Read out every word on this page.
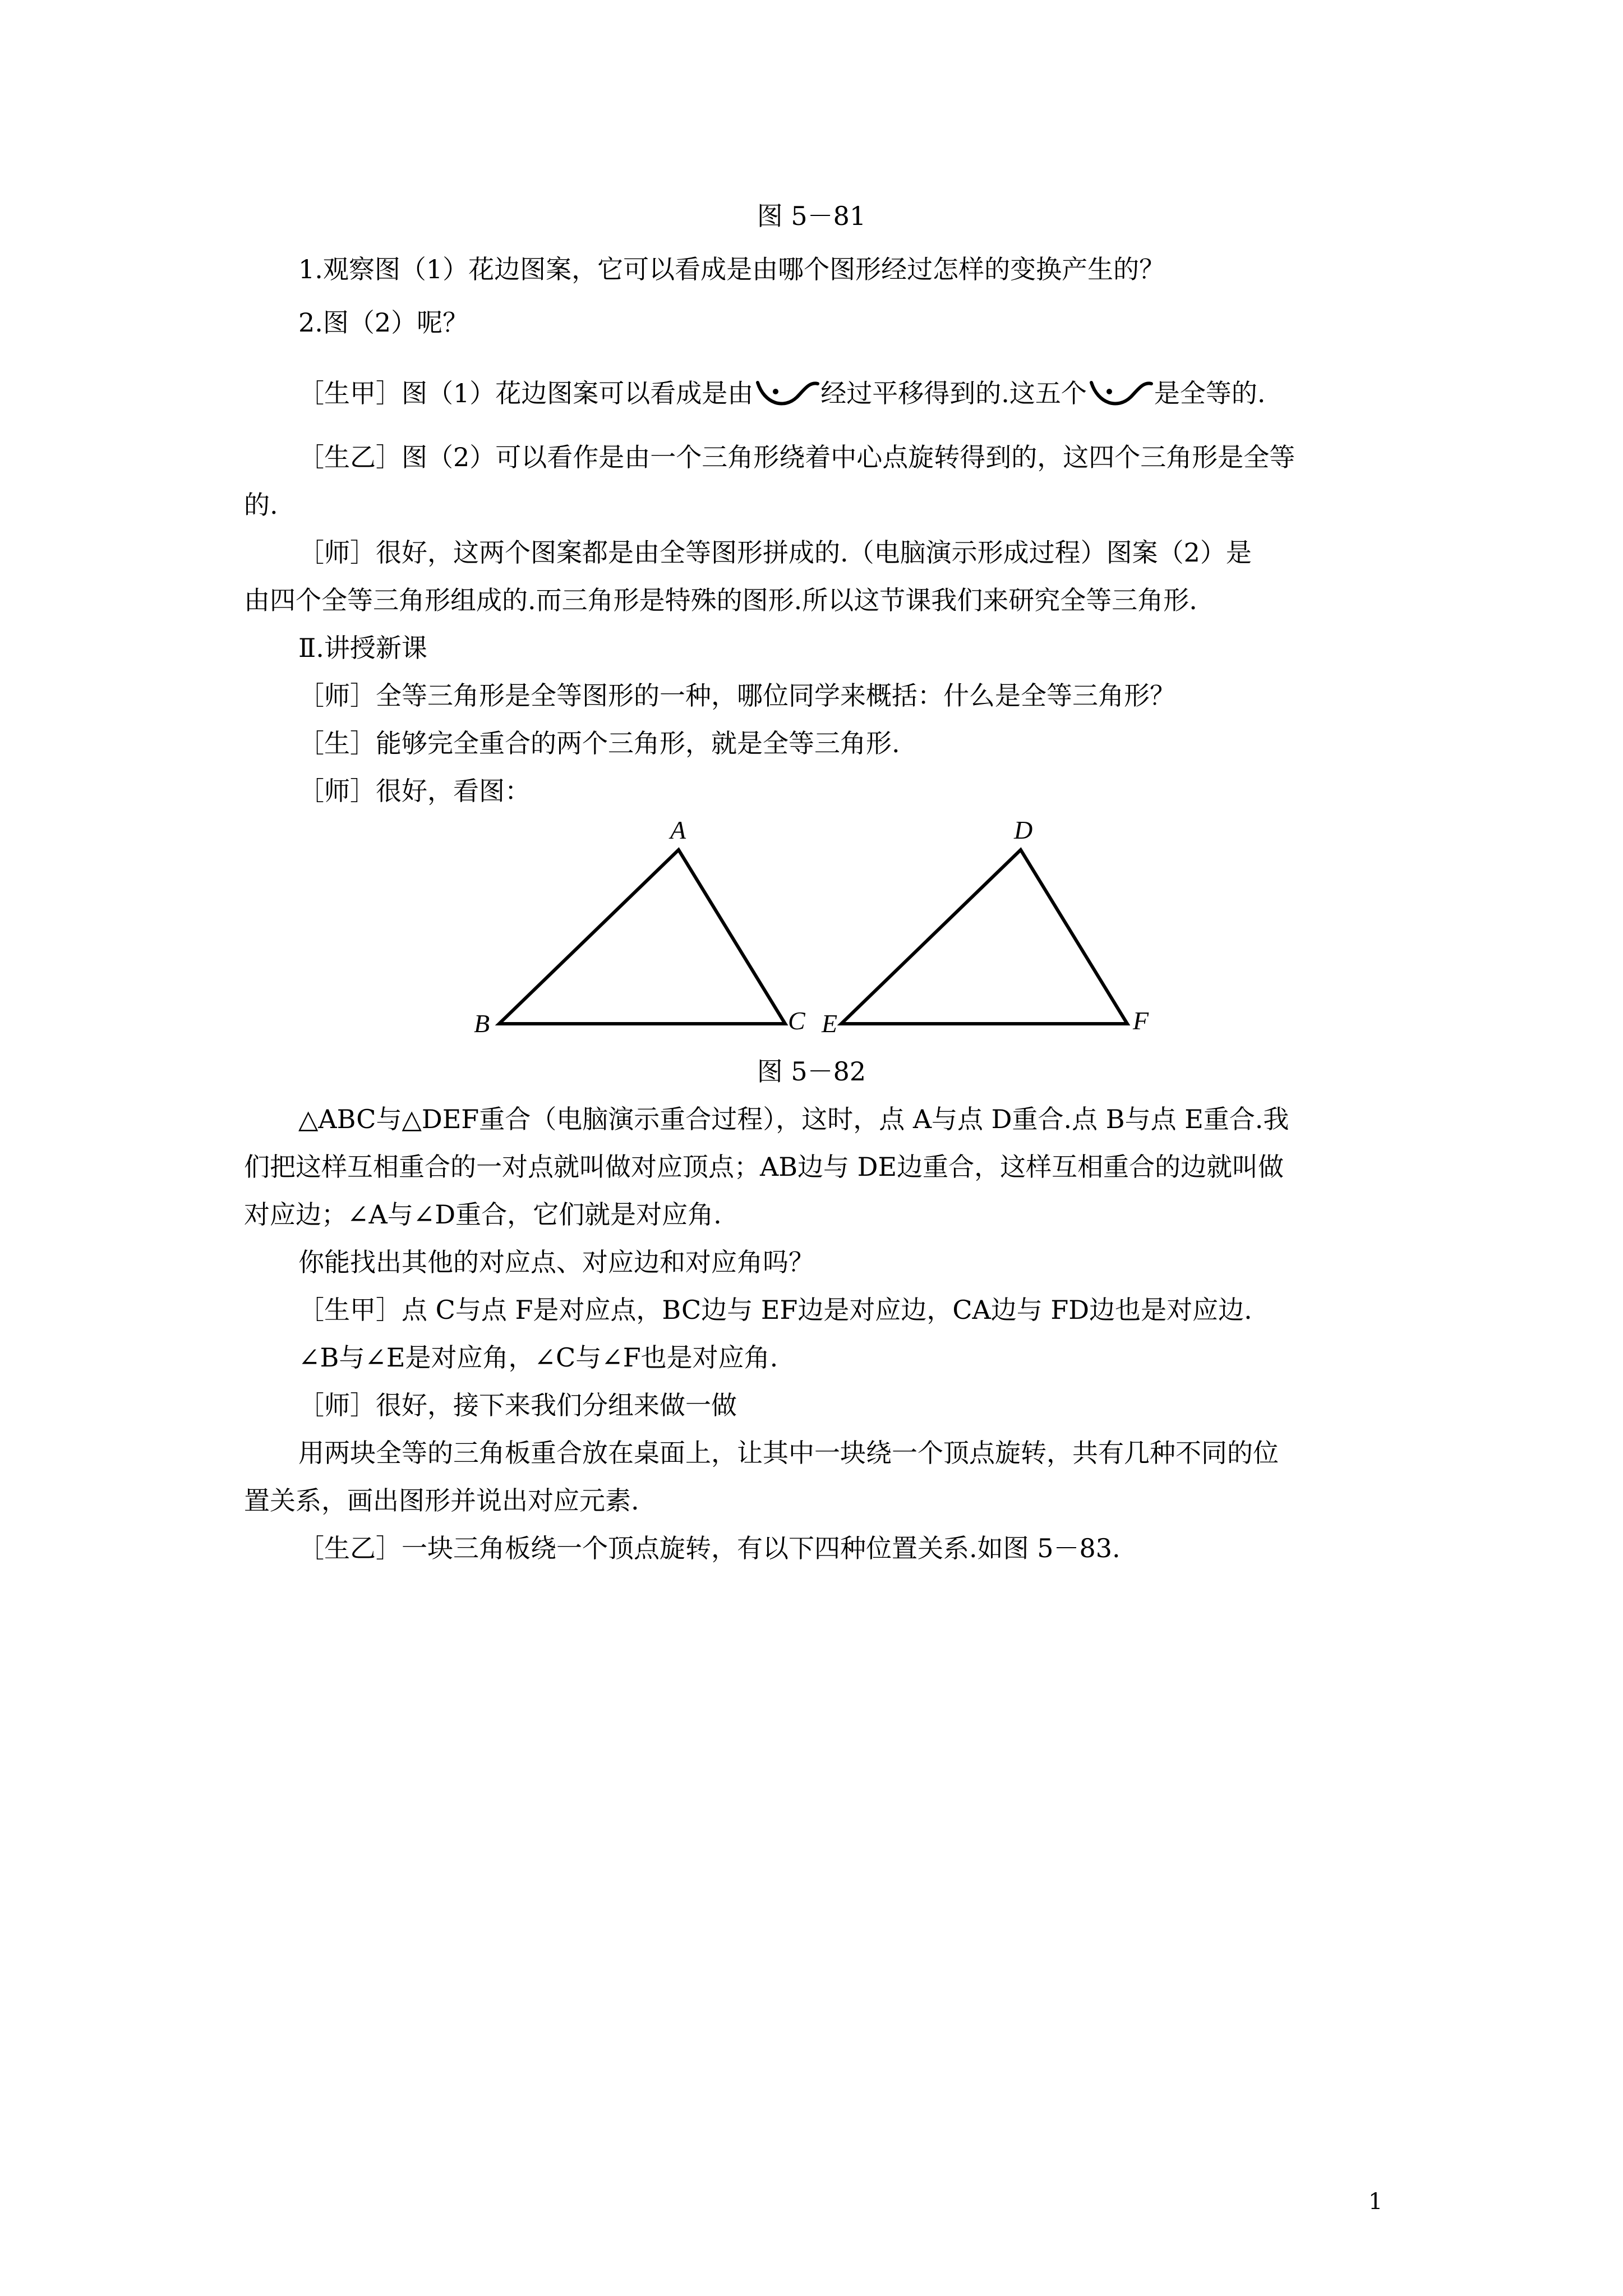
图 5－81
1.观察图（1）花边图案，它可以看成是由哪个图形经过怎样的变换产生的？
2.图（2）呢？
［生甲］图（1）花边图案可以看成是由	经过平移得到的.这五个	是全等的.
［生乙］图（2）可以看作是由一个三角形绕着中心点旋转得到的，这四个三角形是全等
的.
［师］很好，这两个图案都是由全等图形拼成的.（电脑演示形成过程）图案（2）是
由四个全等三角形组成的.而三角形是特殊的图形.所以这节课我们来研究全等三角形.
Ⅱ.讲授新课
［师］全等三角形是全等图形的一种，哪位同学来概括：什么是全等三角形？
［生］能够完全重合的两个三角形，就是全等三角形.
［师］很好，看图：
A
B	C
D
E	F
图 5－82
△ABC与△DEF重合（电脑演示重合过程），这时，点 A与点 D重合.点 B与点 E重合.我
们把这样互相重合的一对点就叫做对应顶点；AB边与 DE边重合，这样互相重合的边就叫做
对应边；∠A与∠D重合，它们就是对应角.
你能找出其他的对应点、对应边和对应角吗？
［生甲］点 C与点 F是对应点，BC边与 EF边是对应边，CA边与 FD边也是对应边.
∠B与∠E是对应角，∠C与∠F也是对应角.
［师］很好，接下来我们分组来做一做
用两块全等的三角板重合放在桌面上，让其中一块绕一个顶点旋转，共有几种不同的位
置关系，画出图形并说出对应元素.
［生乙］一块三角板绕一个顶点旋转，有以下四种位置关系.如图 5－83.
1
